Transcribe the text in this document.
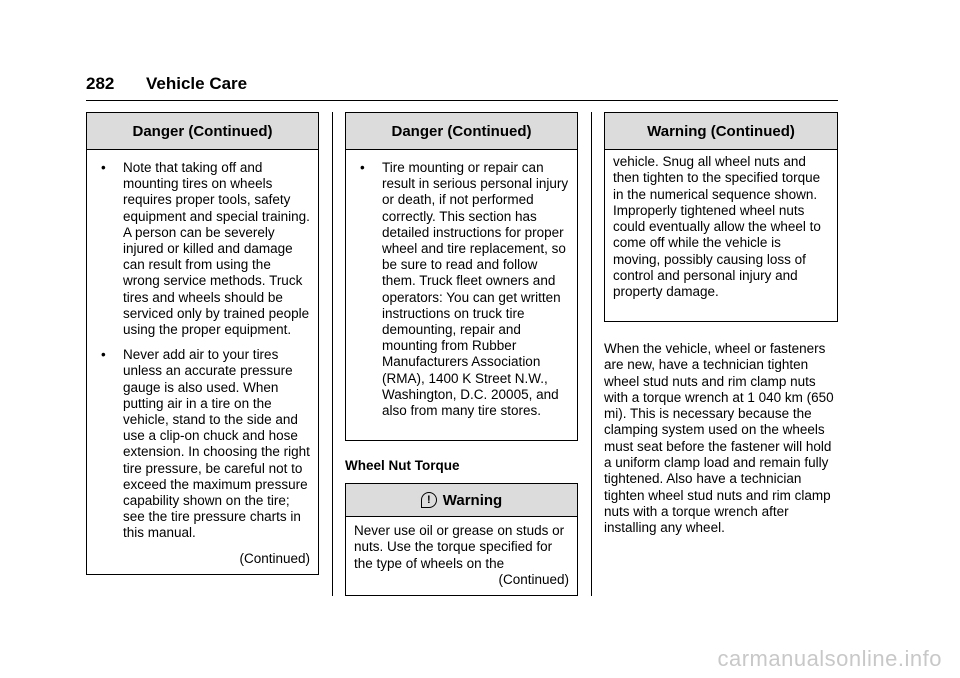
282 Vehicle Care
Danger (Continued)
•	Note that taking off and mounting tires on wheels requires proper tools, safety equipment and special training. A person can be severely injured or killed and damage can result from using the wrong service methods. Truck tires and wheels should be serviced only by trained people using the proper equipment.
•	Never add air to your tires unless an accurate pressure gauge is also used. When putting air in a tire on the vehicle, stand to the side and use a clip-on chuck and hose extension. In choosing the right tire pressure, be careful not to exceed the maximum pressure capability shown on the tire; see the tire pressure charts in this manual.
(Continued)
Danger (Continued)
•	Tire mounting or repair can result in serious personal injury or death, if not performed correctly. This section has detailed instructions for proper wheel and tire replacement, so be sure to read and follow them. Truck fleet owners and operators: You can get written instructions on truck tire demounting, repair and mounting from Rubber Manufacturers Association (RMA), 1400 K Street N.W., Washington, D.C. 20005, and also from many tire stores.
Wheel Nut Torque
! Warning
Never use oil or grease on studs or nuts. Use the torque specified for the type of wheels on the
(Continued)
Warning (Continued)
vehicle. Snug all wheel nuts and then tighten to the specified torque in the numerical sequence shown. Improperly tightened wheel nuts could eventually allow the wheel to come off while the vehicle is moving, possibly causing loss of control and personal injury and property damage.
When the vehicle, wheel or fasteners are new, have a technician tighten wheel stud nuts and rim clamp nuts with a torque wrench at 1 040 km (650 mi). This is necessary because the clamping system used on the wheels must seat before the fastener will hold a uniform clamp load and remain fully tightened. Also have a technician tighten wheel stud nuts and rim clamp nuts with a torque wrench after installing any wheel.
carmanualsonline.info
